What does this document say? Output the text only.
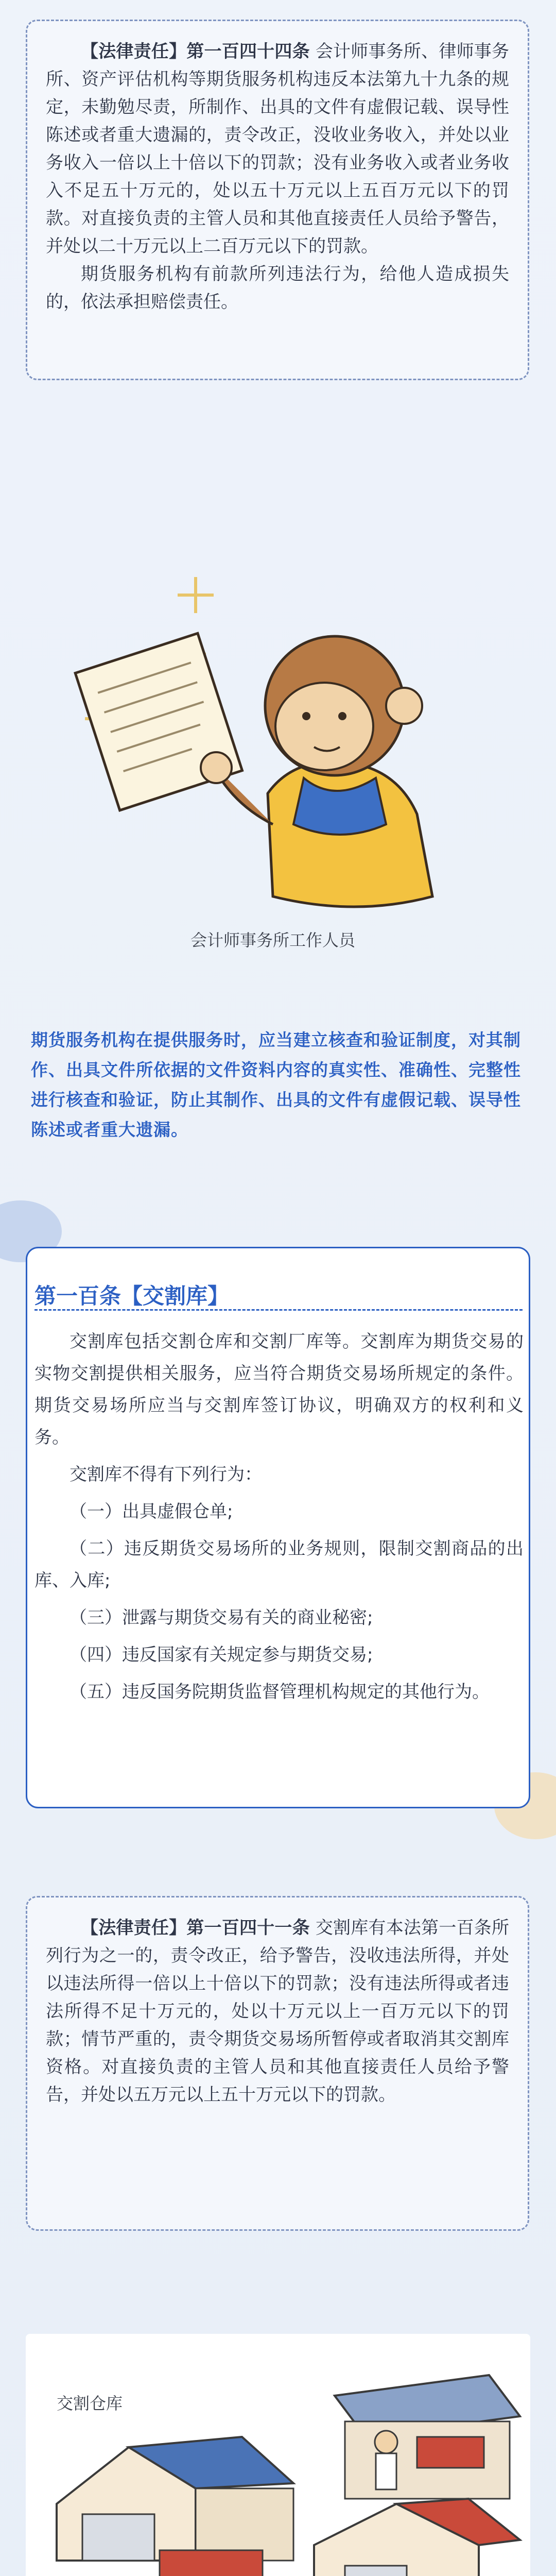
【法律责任】第一百四十四条 会计师事务所、律师事务所、资产评估机构等期货服务机构违反本法第九十九条的规定，未勤勉尽责，所制作、出具的文件有虚假记载、误导性陈述或者重大遗漏的，责令改正，没收业务收入，并处以业务收入一倍以上十倍以下的罚款；没有业务收入或者业务收入不足五十万元的，处以五十万元以上五百万元以下的罚款。对直接负责的主管人员和其他直接责任人员给予警告，并处以二十万元以上二百万元以下的罚款。

期货服务机构有前款所列违法行为，给他人造成损失的，依法承担赔偿责任。

会计师事务所工作人员

期货服务机构在提供服务时，应当建立核查和验证制度，对其制作、出具文件所依据的文件资料内容的真实性、准确性、完整性进行核查和验证，防止其制作、出具的文件有虚假记载、误导性陈述或者重大遗漏。

第一百条【交割库】

交割库包括交割仓库和交割厂库等。交割库为期货交易的实物交割提供相关服务，应当符合期货交易场所规定的条件。期货交易场所应当与交割库签订协议，明确双方的权利和义务。

交割库不得有下列行为：

（一）出具虚假仓单;

（二）违反期货交易场所的业务规则，限制交割商品的出库、入库;

（三）泄露与期货交易有关的商业秘密;

（四）违反国家有关规定参与期货交易;

（五）违反国务院期货监督管理机构规定的其他行为。

【法律责任】第一百四十一条 交割库有本法第一百条所列行为之一的，责令改正，给予警告，没收违法所得，并处以违法所得一倍以上十倍以下的罚款；没有违法所得或者违法所得不足十万元的，处以十万元以上一百万元以下的罚款；情节严重的，责令期货交易场所暂停或者取消其交割库资格。对直接负责的主管人员和其他直接责任人员给予警告，并处以五万元以上五十万元以下的罚款。

交割仓库
